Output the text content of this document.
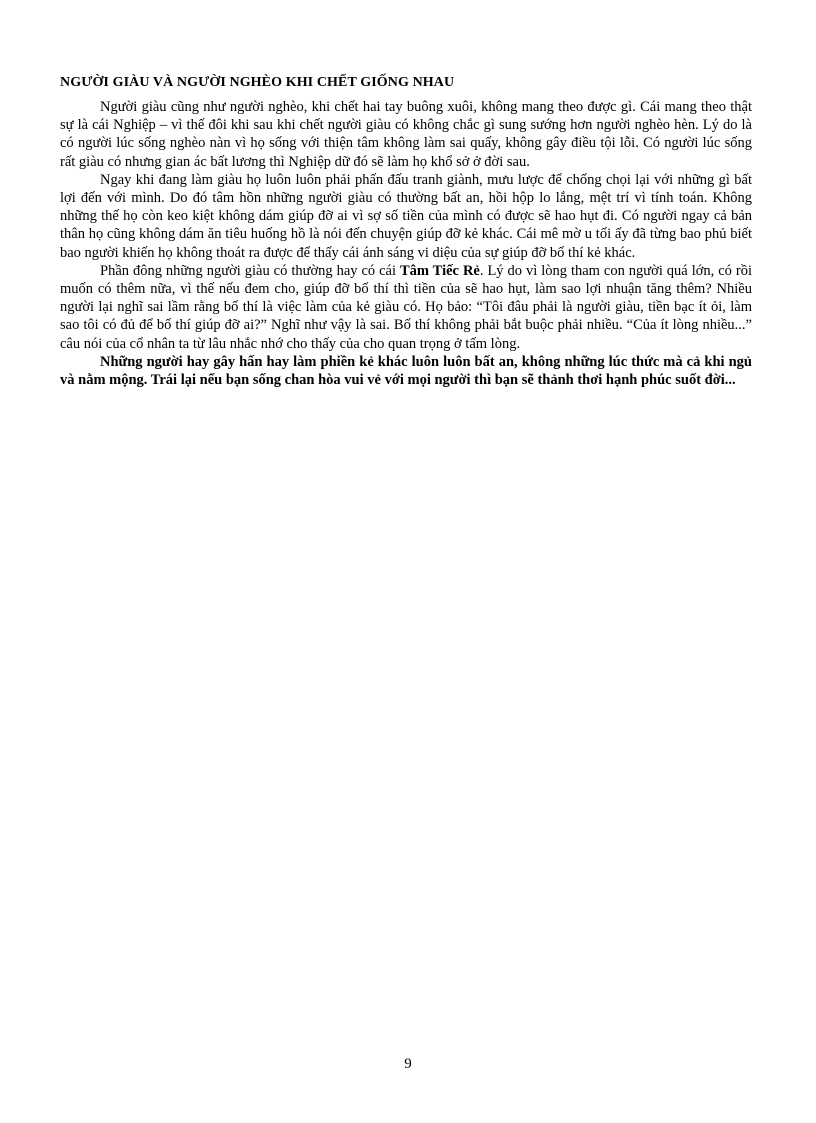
NGƯỜI GIÀU VÀ NGƯỜI NGHÈO KHI CHẾT GIỐNG NHAU

Người giàu cũng như người nghèo, khi chết hai tay buông xuôi, không mang theo được gì. Cái mang theo thật sự là cái Nghiệp – vì thế đôi khi sau khi chết người giàu có không chắc gì sung sướng hơn người nghèo hèn. Lý do là có người lúc sống nghèo nàn vì họ sống với thiện tâm không làm sai quấy, không gây điều tội lỗi. Có người lúc sống rất giàu có nhưng gian ác bất lương thì Nghiệp dữ đó sẽ làm họ khổ sở ở đời sau.

Ngay khi đang làm giàu họ luôn luôn phải phấn đấu tranh giành, mưu lược để chống chọi lại với những gì bất lợi đến với mình. Do đó tâm hồn những người giàu có thường bất an, hồi hộp lo lắng, mệt trí vì tính toán. Không những thế họ còn keo kiệt không dám giúp đỡ ai vì sợ số tiền của mình có được sẽ hao hụt đi. Có người ngay cả bản thân họ cũng không dám ăn tiêu huống hồ là nói đến chuyện giúp đỡ kẻ khác. Cái mê mờ u tối ấy đã từng bao phủ biết bao người khiến họ không thoát ra được để thấy cái ánh sáng vi diệu của sự giúp đỡ bố thí kẻ khác.

Phần đông những người giàu có thường hay có cái Tâm Tiếc Rẻ. Lý do vì lòng tham con người quá lớn, có rồi muốn có thêm nữa, vì thế nếu đem cho, giúp đỡ bố thí thì tiền của sẽ hao hụt, làm sao lợi nhuận tăng thêm? Nhiều người lại nghĩ sai lầm rằng bố thí là việc làm của kẻ giàu có. Họ bảo: “Tôi đâu phải là người giàu, tiền bạc ít ỏi, làm sao tôi có đủ để bố thí giúp đỡ ai?” Nghĩ như vậy là sai. Bố thí không phải bắt buộc phải nhiều. “Của ít lòng nhiều...” câu nói của cổ nhân ta từ lâu nhắc nhớ cho thấy của cho quan trọng ở tấm lòng.

Những người hay gây hấn hay làm phiền kẻ khác luôn luôn bất an, không những lúc thức mà cả khi ngủ và nằm mộng. Trái lại nếu bạn sống chan hòa vui vẻ với mọi người thì bạn sẽ thảnh thơi hạnh phúc suốt đời...

9
